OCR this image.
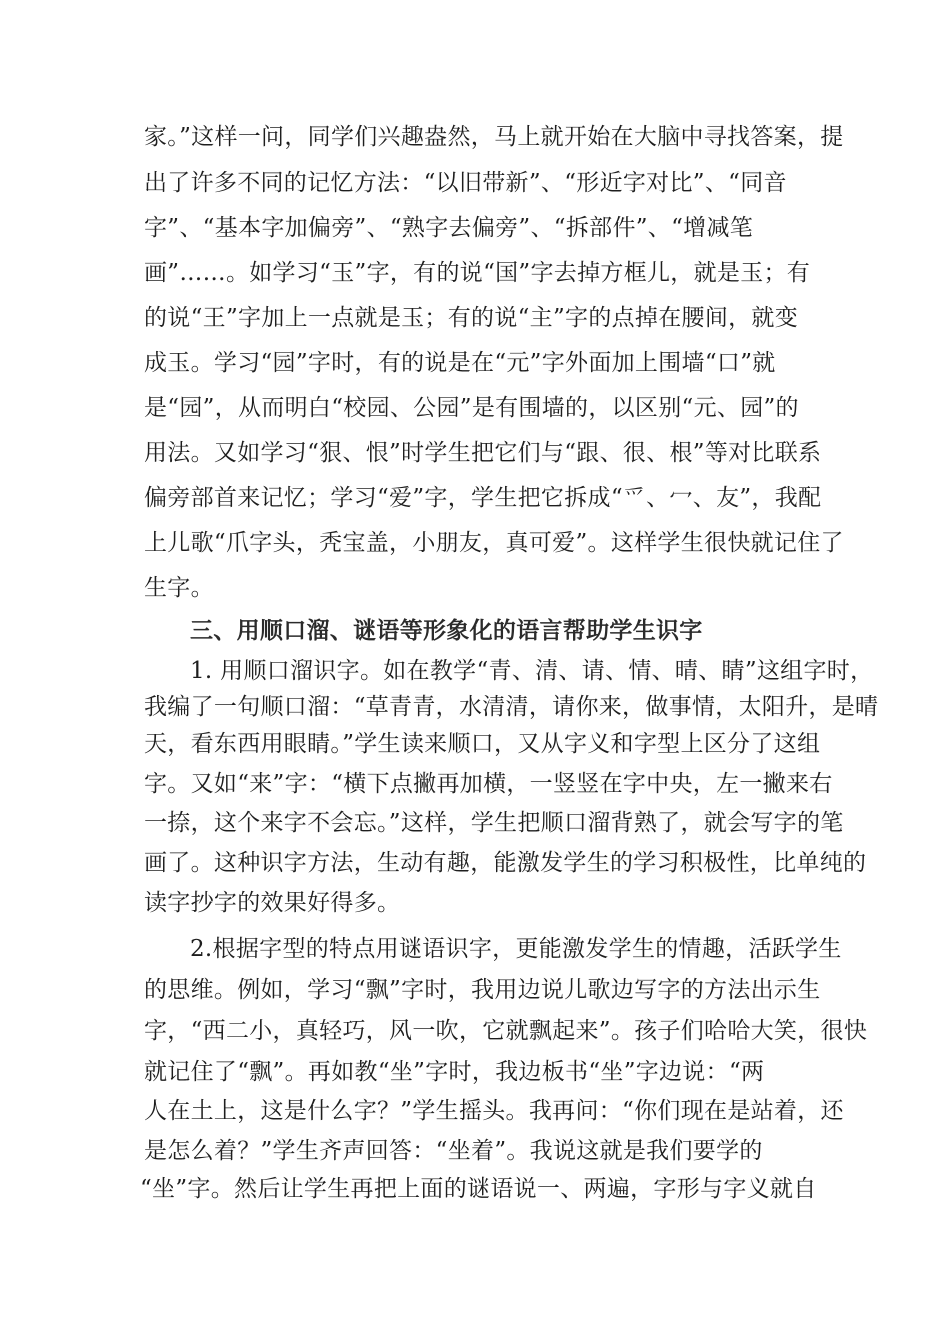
家。”这样一问，同学们兴趣盎然，马上就开始在大脑中寻找答案，提
出了许多不同的记忆方法：“以旧带新”、“形近字对比”、“同音
字”、“基本字加偏旁”、“熟字去偏旁”、“拆部件”、“增减笔
画”……。如学习“玉”字，有的说“国”字去掉方框儿，就是玉；有
的说“王”字加上一点就是玉；有的说“主”字的点掉在腰间，就变
成玉。学习“园”字时，有的说是在“元”字外面加上围墙“口”就
是“园”，从而明白“校园、公园”是有围墙的，以区别“元、园”的
用法。又如学习“狠、恨”时学生把它们与“跟、很、根”等对比联系
偏旁部首来记忆；学习“爱”字，学生把它拆成“爫、冖、友”，我配
上儿歌“爪字头，秃宝盖，小朋友，真可爱”。这样学生很快就记住了
生字。
三、用顺口溜、谜语等形象化的语言帮助学生识字
1. 用顺口溜识字。如在教学“青、清、请、情、晴、睛”这组字时，
我编了一句顺口溜：“草青青，水清清，请你来，做事情，太阳升，是晴
天，看东西用眼睛。”学生读来顺口，又从字义和字型上区分了这组
字。又如“来”字：“横下点撇再加横，一竖竖在字中央，左一撇来右
一捺，这个来字不会忘。”这样，学生把顺口溜背熟了，就会写字的笔
画了。这种识字方法，生动有趣，能激发学生的学习积极性，比单纯的
读字抄字的效果好得多。
2.根据字型的特点用谜语识字，更能激发学生的情趣，活跃学生
的思维。例如，学习“飘”字时，我用边说儿歌边写字的方法出示生
字，“西二小，真轻巧，风一吹，它就飘起来”。孩子们哈哈大笑，很快
就记住了“飘”。再如教“坐”字时，我边板书“坐”字边说：“两
人在土上，这是什么字？”学生摇头。我再问：“你们现在是站着，还
是怎么着？”学生齐声回答：“坐着”。我说这就是我们要学的
“坐”字。然后让学生再把上面的谜语说一、两遍，字形与字义就自
